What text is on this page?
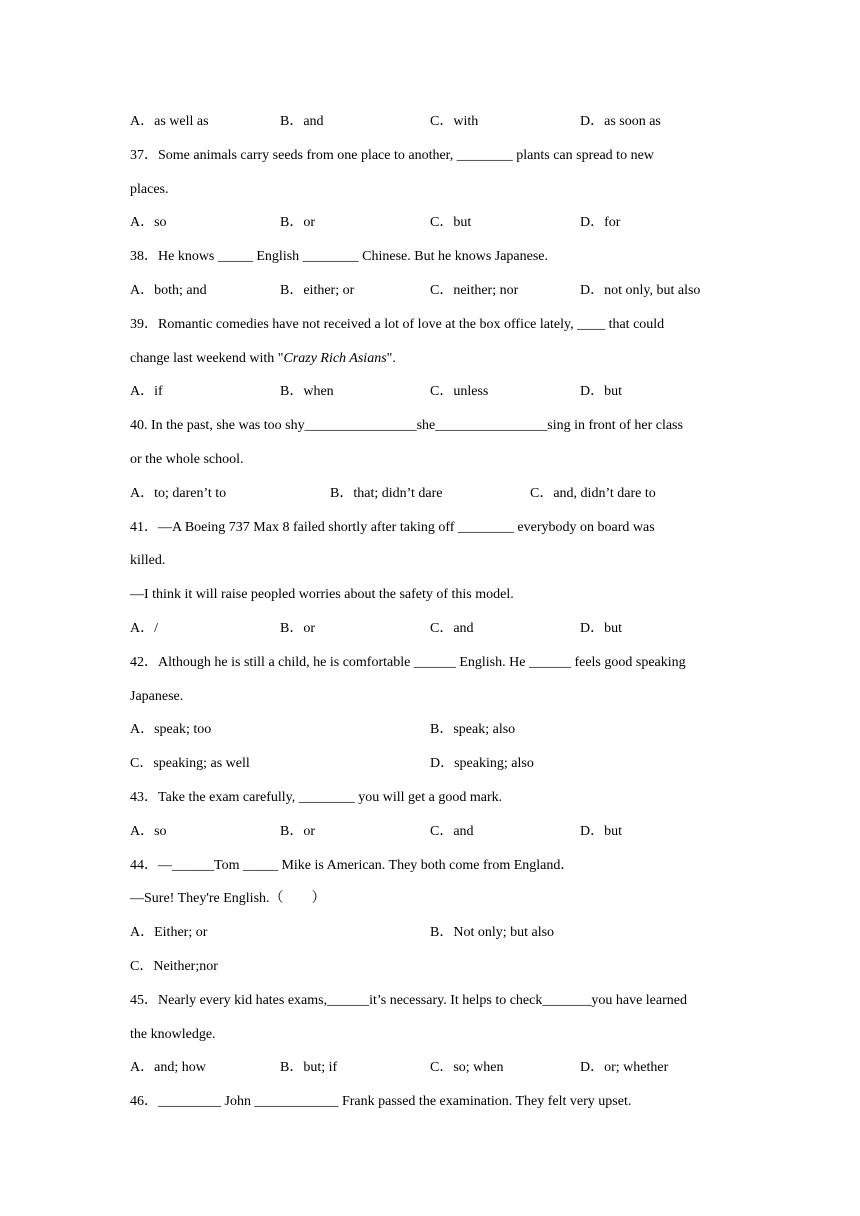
A．as well as	B．and	C．with	D．as soon as
37．Some animals carry seeds from one place to another, ________ plants can spread to new
places.
A．so	B．or	C．but	D．for
38．He knows _____ English ________ Chinese. But he knows Japanese.
A．both; and	B．either; or	C．neither; nor	D．not only, but also
39．Romantic comedies have not received a lot of love at the box office lately, ____ that could
change last weekend with "Crazy Rich Asians".
A．if	B．when	C．unless	D．but
40. In the past, she was too shy________________she________________sing in front of her class
or the whole school.
A．to; daren’t to	B．that; didn’t dare	C．and, didn’t dare to
41．—A Boeing 737 Max 8 failed shortly after taking off ________ everybody on board was
killed.
—I think it will raise peopled worries about the safety of this model.
A．/	B．or	C．and	D．but
42．Although he is still a child, he is comfortable ______ English. He ______ feels good speaking
Japanese.
A．speak; too	B．speak; also
C．speaking; as well	D．speaking; also
43．Take the exam carefully, ________ you will get a good mark.
A．so	B．or	C．and	D．but
44．—______Tom _____ Mike is American. They both come from England．
—Sure! They're English.（　　）
A．Either; or	B．Not only; but also
C．Neither;nor
45．Nearly every kid hates exams,______it’s necessary. It helps to check_______you have learned
the knowledge.
A．and; how	B．but; if	C．so; when	D．or; whether
46．_________ John ____________ Frank passed the examination. They felt very upset.
